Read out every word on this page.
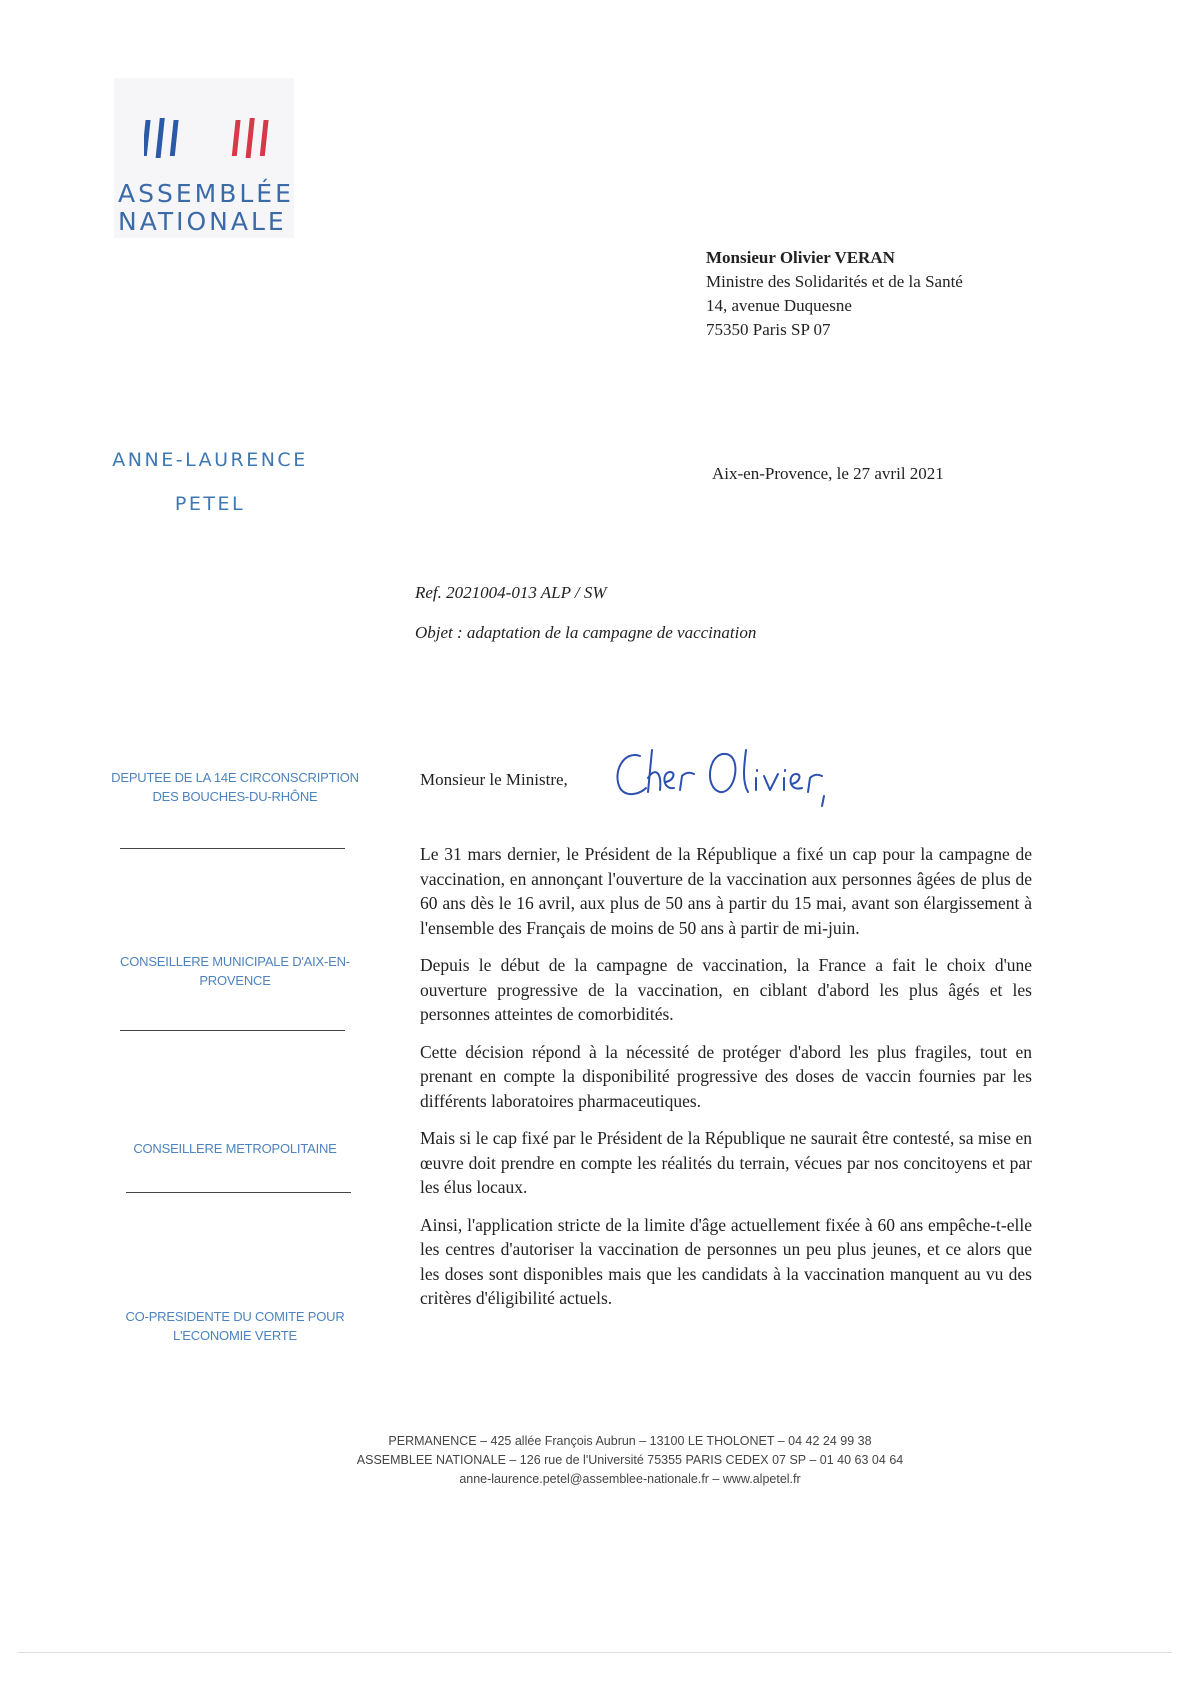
ASSEMBLÉE
NATIONALE
Monsieur Olivier VERAN
Ministre des Solidarités et de la Santé
14, avenue Duquesne
75350 Paris SP 07
ANNE-LAURENCE
PETEL
Aix-en-Provence, le 27 avril 2021
Ref. 2021004-013 ALP / SW
Objet : adaptation de la campagne de vaccination
DEPUTEE DE LA 14E CIRCONSCRIPTION
DES BOUCHES-DU-RHÔNE
CONSEILLERE MUNICIPALE D'AIX-EN-
PROVENCE
CONSEILLERE METROPOLITAINE
CO-PRESIDENTE DU COMITE POUR
L'ECONOMIE VERTE
Monsieur le Ministre,

Le 31 mars dernier, le Président de la République a fixé un cap pour la campagne de vaccination, en annonçant l'ouverture de la vaccination aux personnes âgées de plus de 60 ans dès le 16 avril, aux plus de 50 ans à partir du 15 mai, avant son élargissement à l'ensemble des Français de moins de 50 ans à partir de mi-juin.

Depuis le début de la campagne de vaccination, la France a fait le choix d'une ouverture progressive de la vaccination, en ciblant d'abord les plus âgés et les personnes atteintes de comorbidités.

Cette décision répond à la nécessité de protéger d'abord les plus fragiles, tout en prenant en compte la disponibilité progressive des doses de vaccin fournies par les différents laboratoires pharmaceutiques.

Mais si le cap fixé par le Président de la République ne saurait être contesté, sa mise en œuvre doit prendre en compte les réalités du terrain, vécues par nos concitoyens et par les élus locaux.

Ainsi, l'application stricte de la limite d'âge actuellement fixée à 60 ans empêche-t-elle les centres d'autoriser la vaccination de personnes un peu plus jeunes, et ce alors que les doses sont disponibles mais que les candidats à la vaccination manquent au vu des critères d'éligibilité actuels.

PERMANENCE – 425 allée François Aubrun – 13100 LE THOLONET – 04 42 24 99 38
ASSEMBLEE NATIONALE – 126 rue de l'Université 75355 PARIS CEDEX 07 SP – 01 40 63 04 64
anne-laurence.petel@assemblee-nationale.fr – www.alpetel.fr
